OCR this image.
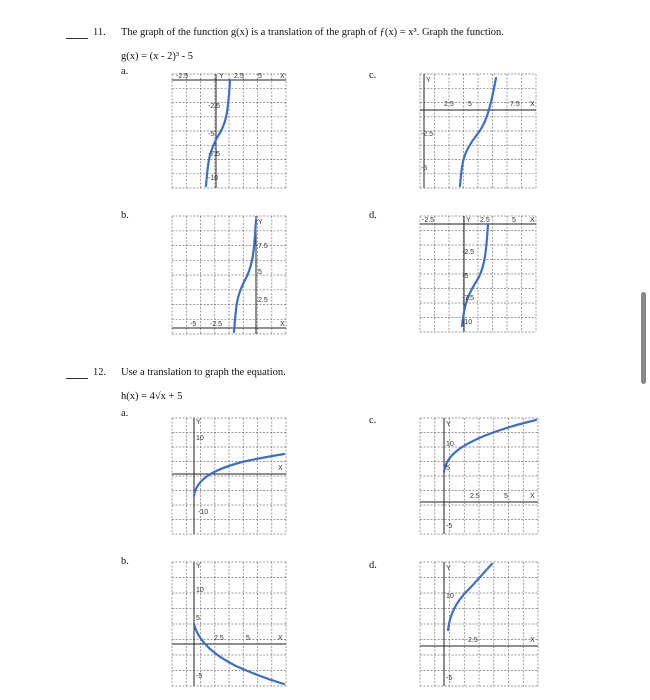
11. The graph of the function g(x) is a translation of the graph of ƒ(x) = x³. Graph the function.
g(x) = (x - 2)³ - 5
a.
b.
c.
d.
-2.5	Y 2.5 5	X
-2.5
-5
-7.5
-10
Y
7.5
5
2.5
-5 -2.5	X
Y
2.5 5	7.5 X
-2.5
-5
-2.5	Y 2.5	5 X
-2.5
-5
-7.5
-10
12. Use a translation to graph the equation.
h(x) = 4√x + 5
a.
b.
c.
d.
Y
10
X
-10
Y
10
5
2.5	5	X
-5
Y
10
5
2.5	5	X
-5
Y
10
2.5	X
-5
